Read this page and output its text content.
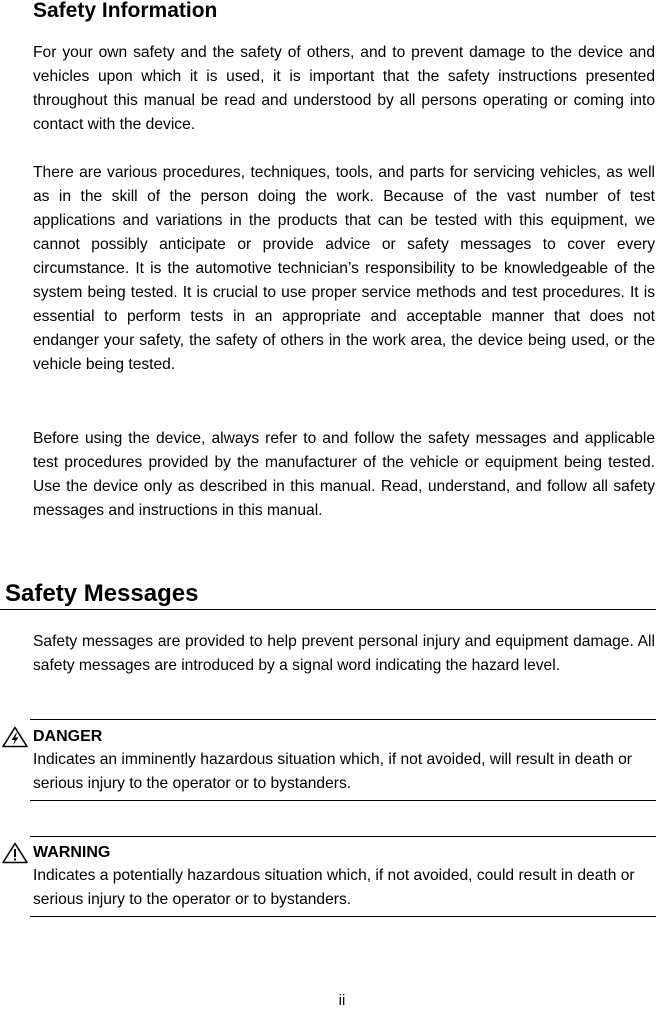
Safety Information

For your own safety and the safety of others, and to prevent damage to the device and vehicles upon which it is used, it is important that the safety instructions presented throughout this manual be read and understood by all persons operating or coming into contact with the device.

There are various procedures, techniques, tools, and parts for servicing vehicles, as well as in the skill of the person doing the work. Because of the vast number of test applications and variations in the products that can be tested with this equipment, we cannot possibly anticipate or provide advice or safety messages to cover every circumstance. It is the automotive technician’s responsibility to be knowledgeable of the system being tested. It is crucial to use proper service methods and test procedures. It is essential to perform tests in an appropriate and acceptable manner that does not endanger your safety, the safety of others in the work area, the device being used, or the vehicle being tested.

Before using the device, always refer to and follow the safety messages and applicable test procedures provided by the manufacturer of the vehicle or equipment being tested. Use the device only as described in this manual. Read, understand, and follow all safety messages and instructions in this manual.

Safety Messages

Safety messages are provided to help prevent personal injury and equipment damage. All safety messages are introduced by a signal word indicating the hazard level.

DANGER

Indicates an imminently hazardous situation which, if not avoided, will result in death or serious injury to the operator or to bystanders.

WARNING

Indicates a potentially hazardous situation which, if not avoided, could result in death or serious injury to the operator or to bystanders.

ii
